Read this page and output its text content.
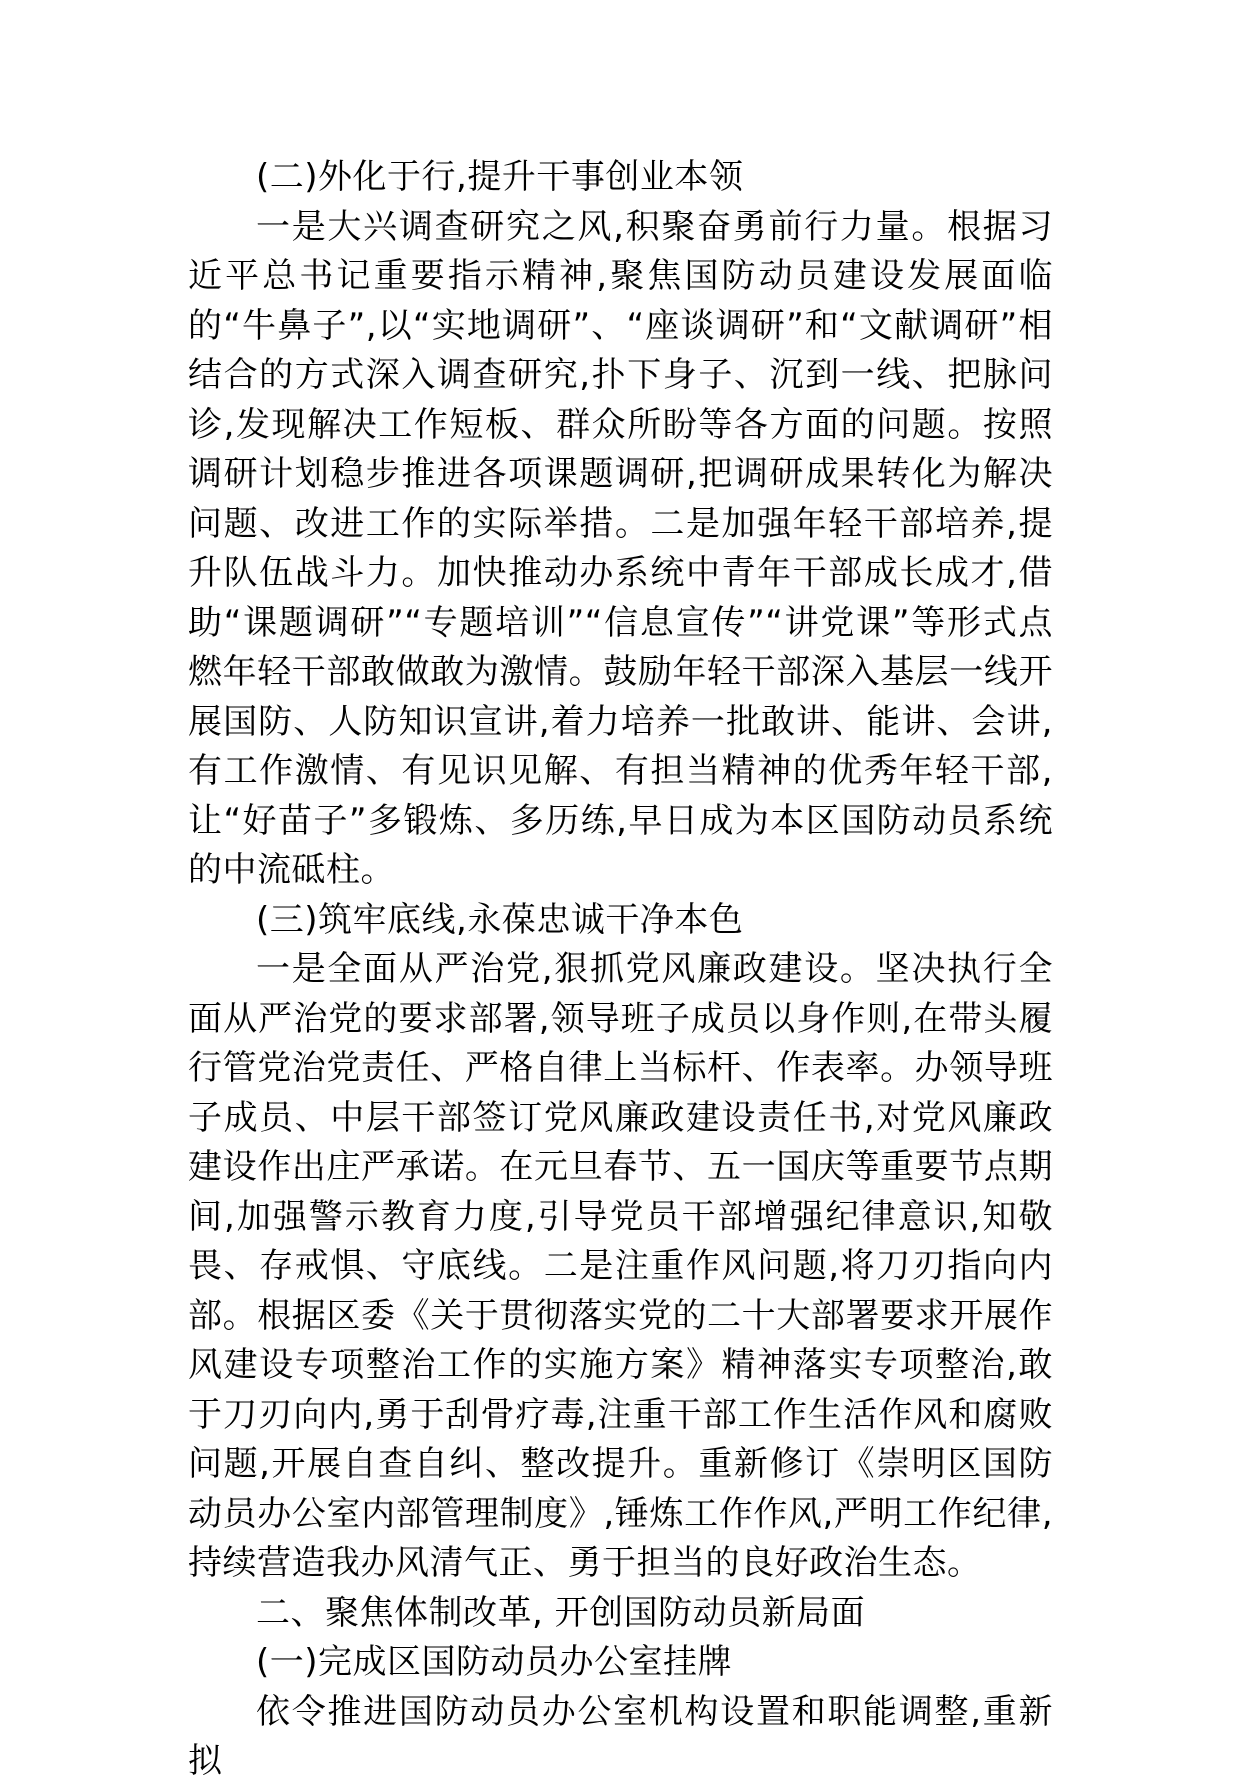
(二)外化于行,提升干事创业本领

一是大兴调查研究之风,积聚奋勇前行力量。根据习近平总书记重要指示精神,聚焦国防动员建设发展面临的“牛鼻子”,以“实地调研”、“座谈调研”和“文献调研”相结合的方式深入调查研究,扑下身子、沉到一线、把脉问诊,发现解决工作短板、群众所盼等各方面的问题。按照调研计划稳步推进各项课题调研,把调研成果转化为解决问题、改进工作的实际举措。二是加强年轻干部培养,提升队伍战斗力。加快推动办系统中青年干部成长成才,借助“课题调研”“专题培训”“信息宣传”“讲党课”等形式点燃年轻干部敢做敢为激情。鼓励年轻干部深入基层一线开展国防、人防知识宣讲,着力培养一批敢讲、能讲、会讲,有工作激情、有见识见解、有担当精神的优秀年轻干部,让“好苗子”多锻炼、多历练,早日成为本区国防动员系统的中流砥柱。

(三)筑牢底线,永葆忠诚干净本色

一是全面从严治党,狠抓党风廉政建设。坚决执行全面从严治党的要求部署,领导班子成员以身作则,在带头履行管党治党责任、严格自律上当标杆、作表率。办领导班子成员、中层干部签订党风廉政建设责任书,对党风廉政建设作出庄严承诺。在元旦春节、五一国庆等重要节点期间,加强警示教育力度,引导党员干部增强纪律意识,知敬畏、存戒惧、守底线。二是注重作风问题,将刀刃指向内部。根据区委《关于贯彻落实党的二十大部署要求开展作风建设专项整治工作的实施方案》精神落实专项整治,敢于刀刃向内,勇于刮骨疗毒,注重干部工作生活作风和腐败问题,开展自查自纠、整改提升。重新修订《崇明区国防动员办公室内部管理制度》,锤炼工作作风,严明工作纪律,持续营造我办风清气正、勇于担当的良好政治生态。

二、聚焦体制改革, 开创国防动员新局面

(一)完成区国防动员办公室挂牌

依令推进国防动员办公室机构设置和职能调整,重新拟
